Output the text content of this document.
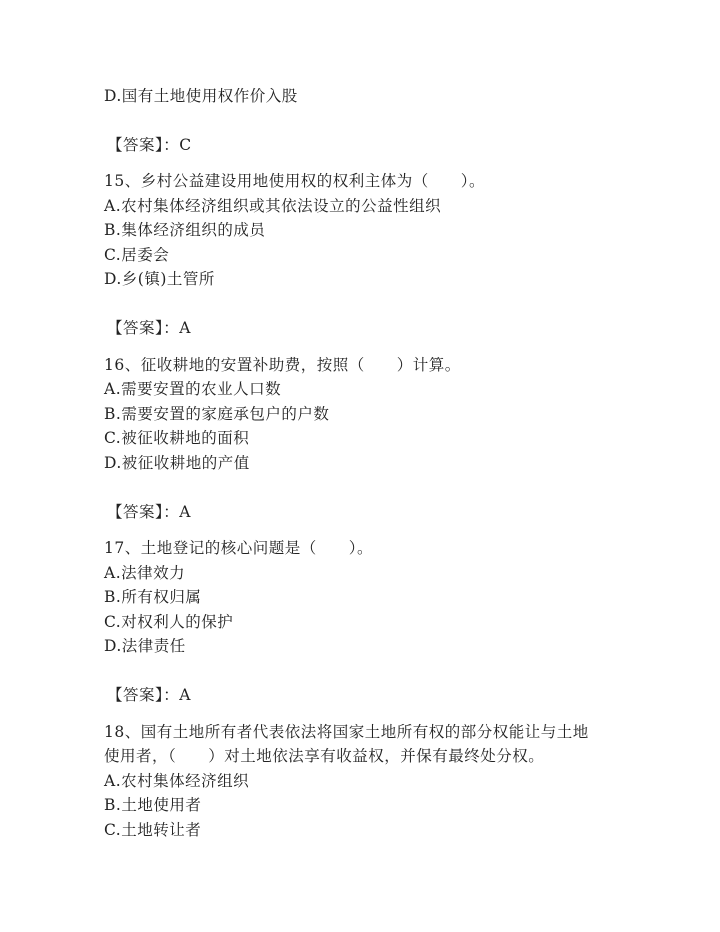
D.国有土地使用权作价入股
【答案】：C
15、乡村公益建设用地使用权的权利主体为（　　）。
A.农村集体经济组织或其依法设立的公益性组织
B.集体经济组织的成员
C.居委会
D.乡(镇)土管所
【答案】：A
16、征收耕地的安置补助费，按照（　　）计算。
A.需要安置的农业人口数
B.需要安置的家庭承包户的户数
C.被征收耕地的面积
D.被征收耕地的产值
【答案】：A
17、土地登记的核心问题是（　　）。
A.法律效力
B.所有权归属
C.对权利人的保护
D.法律责任
【答案】：A
18、国有土地所有者代表依法将国家土地所有权的部分权能让与土地
使用者，（　　）对土地依法享有收益权，并保有最终处分权。
A.农村集体经济组织
B.土地使用者
C.土地转让者
